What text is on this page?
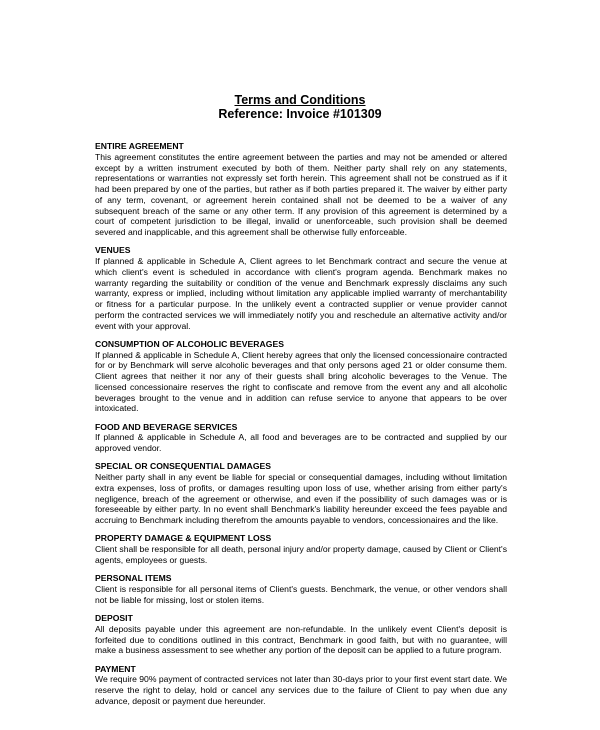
Terms and Conditions

Reference: Invoice #101309

ENTIRE AGREEMENT

This agreement constitutes the entire agreement between the parties and may not be amended or altered except by a written instrument executed by both of them. Neither party shall rely on any statements, representations or warranties not expressly set forth herein. This agreement shall not be construed as if it had been prepared by one of the parties, but rather as if both parties prepared it. The waiver by either party of any term, covenant, or agreement herein contained shall not be deemed to be a waiver of any subsequent breach of the same or any other term. If any provision of this agreement is determined by a court of competent jurisdiction to be illegal, invalid or unenforceable, such provision shall be deemed severed and inapplicable, and this agreement shall be otherwise fully enforceable.

VENUES

If planned & applicable in Schedule A, Client agrees to let Benchmark contract and secure the venue at which client's event is scheduled in accordance with client's program agenda. Benchmark makes no warranty regarding the suitability or condition of the venue and Benchmark expressly disclaims any such warranty, express or implied, including without limitation any applicable implied warranty of merchantability or fitness for a particular purpose. In the unlikely event a contracted supplier or venue provider cannot perform the contracted services we will immediately notify you and reschedule an alternative activity and/or event with your approval.

CONSUMPTION OF ALCOHOLIC BEVERAGES

If planned & applicable in Schedule A, Client hereby agrees that only the licensed concessionaire contracted for or by Benchmark will serve alcoholic beverages and that only persons aged 21 or older consume them. Client agrees that neither it nor any of their guests shall bring alcoholic beverages to the Venue. The licensed concessionaire reserves the right to confiscate and remove from the event any and all alcoholic beverages brought to the venue and in addition can refuse service to anyone that appears to be over intoxicated.

FOOD AND BEVERAGE SERVICES

If planned & applicable in Schedule A, all food and beverages are to be contracted and supplied by our approved vendor.

SPECIAL OR CONSEQUENTIAL DAMAGES

Neither party shall in any event be liable for special or consequential damages, including without limitation extra expenses, loss of profits, or damages resulting upon loss of use, whether arising from either party's negligence, breach of the agreement or otherwise, and even if the possibility of such damages was or is foreseeable by either party. In no event shall Benchmark's liability hereunder exceed the fees payable and accruing to Benchmark including therefrom the amounts payable to vendors, concessionaires and the like.

PROPERTY DAMAGE & EQUIPMENT LOSS

Client shall be responsible for all death, personal injury and/or property damage, caused by Client or Client's agents, employees or guests.

PERSONAL ITEMS

Client is responsible for all personal items of Client's guests. Benchmark, the venue, or other vendors shall not be liable for missing, lost or stolen items.

DEPOSIT

All deposits payable under this agreement are non-refundable. In the unlikely event Client's deposit is forfeited due to conditions outlined in this contract, Benchmark in good faith, but with no guarantee, will make a business assessment to see whether any portion of the deposit can be applied to a future program.

PAYMENT

We require 90% payment of contracted services not later than 30-days prior to your first event start date. We reserve the right to delay, hold or cancel any services due to the failure of Client to pay when due any advance, deposit or payment due hereunder.
